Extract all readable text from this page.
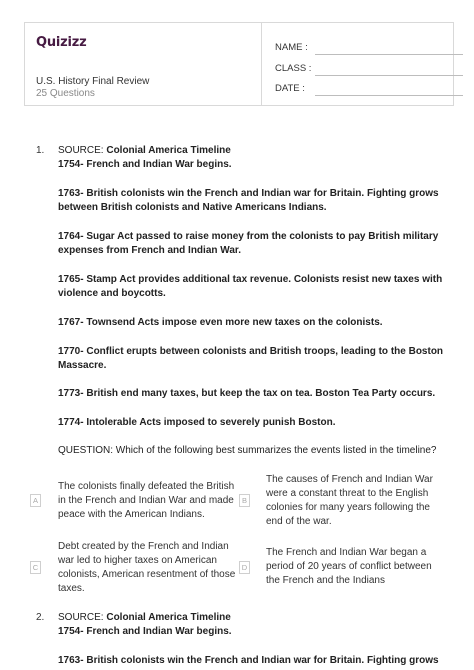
Quizizz
U.S. History Final Review
25 Questions
NAME :
CLASS :
DATE :
1. SOURCE: Colonial America Timeline
1754- French and Indian War begins.
1763- British colonists win the French and Indian war for Britain. Fighting grows
between British colonists and Native Americans Indians.
1764- Sugar Act passed to raise money from the colonists to pay British military
expenses from French and Indian War.
1765- Stamp Act provides additional tax revenue. Colonists resist new taxes with
violence and boycotts.
1767- Townsend Acts impose even more new taxes on the colonists.
1770- Conflict erupts between colonists and British troops, leading to the Boston
Massacre.
1773- British end many taxes, but keep the tax on tea. Boston Tea Party occurs.
1774- Intolerable Acts imposed to severely punish Boston.
QUESTION: Which of the following best summarizes the events listed in the timeline?
A
The colonists finally defeated the British
in the French and Indian War and made
peace with the American Indians.
B
The causes of French and Indian War
were a constant threat to the English
colonies for many years following the
end of the war.
C
Debt created by the French and Indian
war led to higher taxes on American
colonists, American resentment of those
taxes.
D
The French and Indian War began a
period of 20 years of conflict between
the French and the Indians
2. SOURCE: Colonial America Timeline
1754- French and Indian War begins.
1763- British colonists win the French and Indian war for Britain. Fighting grows
